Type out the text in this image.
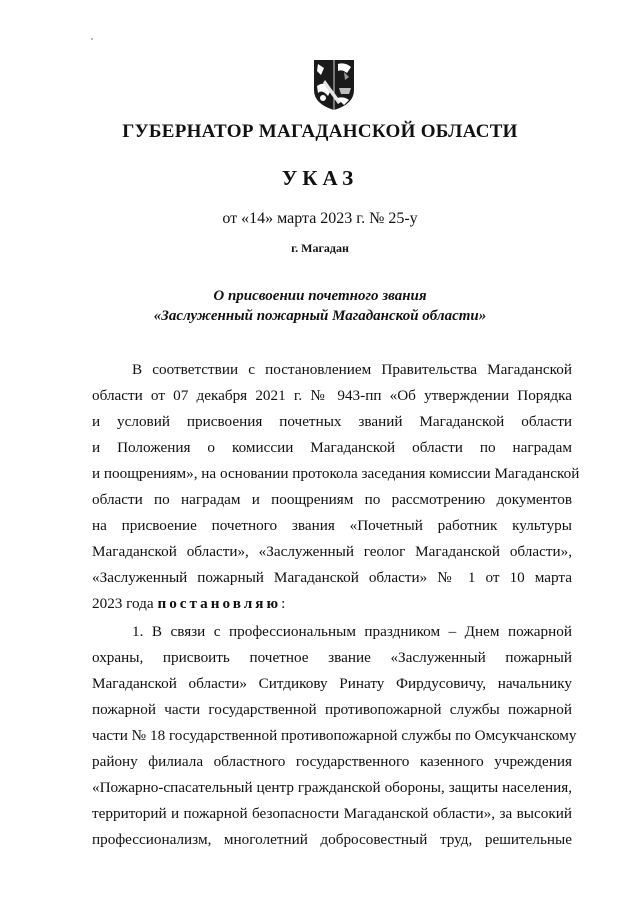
ГУБЕРНАТОР МАГАДАНСКОЙ ОБЛАСТИ
УКАЗ
от «14» марта 2023 г. № 25-у
г. Магадан
О присвоении почетного звания
«Заслуженный пожарный Магаданской области»
В соответствии с постановлением Правительства Магаданской
области от 07 декабря 2021 г. № 943-пп «Об утверждении Порядка
и условий присвоения почетных званий Магаданской области
и Положения о комиссии Магаданской области по наградам
и поощрениям», на основании протокола заседания комиссии Магаданской
области по наградам и поощрениям по рассмотрению документов
на присвоение почетного звания «Почетный работник культуры
Магаданской области», «Заслуженный геолог Магаданской области»,
«Заслуженный пожарный Магаданской области» № 1 от 10 марта
2023 года постановляю:
1. В связи с профессиональным праздником – Днем пожарной
охраны, присвоить почетное звание «Заслуженный пожарный
Магаданской области» Ситдикову Ринату Фирдусовичу, начальнику
пожарной части государственной противопожарной службы пожарной
части № 18 государственной противопожарной службы по Омсукчанскому
району филиала областного государственного казенного учреждения
«Пожарно-спасательный центр гражданской обороны, защиты населения,
территорий и пожарной безопасности Магаданской области», за высокий
профессионализм, многолетний добросовестный труд, решительные
